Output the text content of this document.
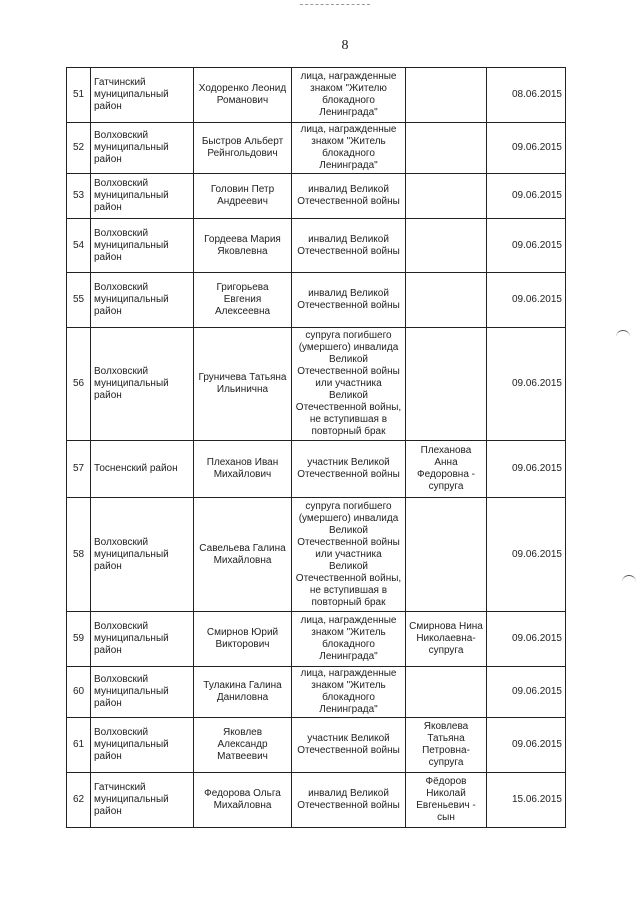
8
51	Гатчинский муниципальный район	Ходоренко Леонид Романович	лица, награжденные знаком "Жителю блокадного Ленинграда"		08.06.2015
52	Волховский муниципальный район	Быстров Альберт Рейнгольдович	лица, награжденные знаком "Житель блокадного Ленинграда"		09.06.2015
53	Волховский муниципальный район	Головин Петр Андреевич	инвалид Великой Отечественной войны		09.06.2015
54	Волховский муниципальный район	Гордеева Мария Яковлевна	инвалид Великой Отечественной войны		09.06.2015
55	Волховский муниципальный район	Григорьева Евгения Алексеевна	инвалид Великой Отечественной войны		09.06.2015
56	Волховский муниципальный район	Груничева Татьяна Ильинична	супруга погибшего (умершего) инвалида Великой Отечественной войны или участника Великой Отечественной войны, не вступившая в повторный брак		09.06.2015
57	Тосненский район	Плеханов Иван Михайлович	участник Великой Отечественной войны	Плеханова Анна Федоровна - супруга	09.06.2015
58	Волховский муниципальный район	Савельева Галина Михайловна	супруга погибшего (умершего) инвалида Великой Отечественной войны или участника Великой Отечественной войны, не вступившая в повторный брак		09.06.2015
59	Волховский муниципальный район	Смирнов Юрий Викторович	лица, награжденные знаком "Житель блокадного Ленинграда"	Смирнова Нина Николаевна-супруга	09.06.2015
60	Волховский муниципальный район	Тулакина Галина Даниловна	лица, награжденные знаком "Житель блокадного Ленинграда"		09.06.2015
61	Волховский муниципальный район	Яковлев Александр Матвеевич	участник Великой Отечественной войны	Яковлева Татьяна Петровна-супруга	09.06.2015
62	Гатчинский муниципальный район	Федорова Ольга Михайловна	инвалид Великой Отечественной войны	Фёдоров Николай Евгеньевич - сын	15.06.2015
